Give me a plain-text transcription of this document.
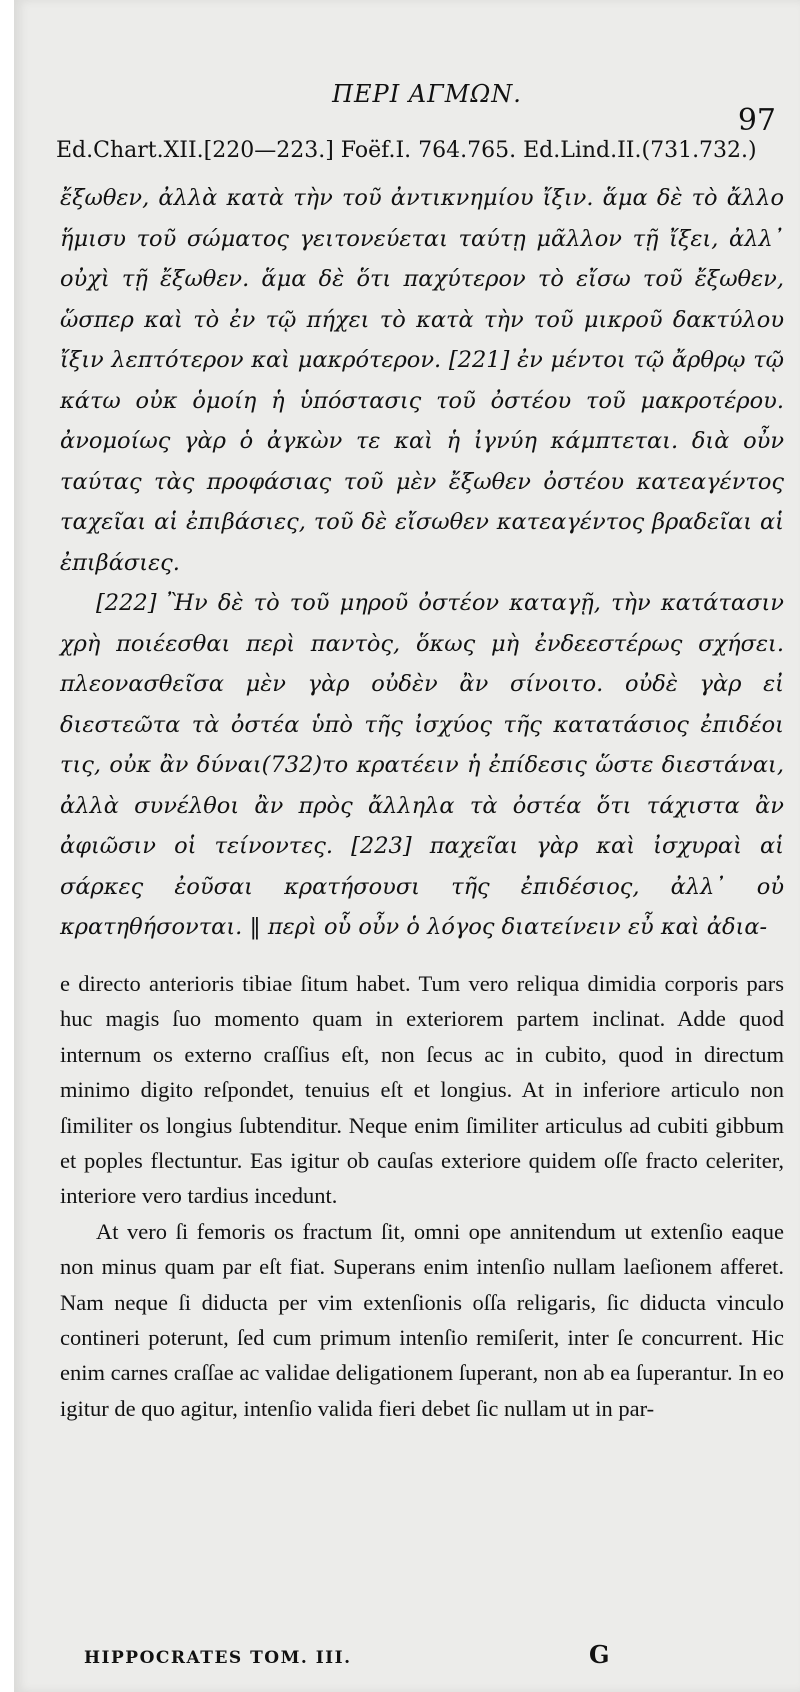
ΠΕΡΙ ΑΓΜΩΝ.
97
Ed.Chart.XII.[220—223.] Foëf.I. 764.765. Ed.Lind.II.(731.732.)

ἔξωθεν, ἀλλὰ κατὰ τὴν τοῦ ἀντικνημίου ἴξιν. ἅμα δὲ τὸ ἄλλο ἥμισυ τοῦ σώματος γειτονεύεται ταύτῃ μᾶλλον τῇ ἴξει, ἀλλ᾽ οὐχὶ τῇ ἔξωθεν. ἅμα δὲ ὅτι παχύτερον τὸ εἴσω τοῦ ἔξωθεν, ὥσπερ καὶ τὸ ἐν τῷ πήχει τὸ κατὰ τὴν τοῦ μικροῦ δακτύλου ἴξιν λεπτότερον καὶ μακρότερον. [221] ἐν μέντοι τῷ ἄρθρῳ τῷ κάτω οὐκ ὁμοίη ἡ ὑπόστασις τοῦ ὀστέου τοῦ μακροτέρου. ἀνομοίως γὰρ ὁ ἀγκὼν τε καὶ ἡ ἰγνύη κάμπτεται. διὰ οὖν ταύτας τὰς προφάσιας τοῦ μὲν ἔξωθεν ὀστέου κατεαγέντος ταχεῖαι αἱ ἐπιβάσιες, τοῦ δὲ εἴσωθεν κατεαγέντος βραδεῖαι αἱ ἐπιβάσιες.

[222] Ἢν δὲ τὸ τοῦ μηροῦ ὀστέον καταγῇ, τὴν κατάτασιν χρὴ ποιέεσθαι περὶ παντὸς, ὅκως μὴ ἐνδεεστέρως σχήσει. πλεονασθεῖσα μὲν γὰρ οὐδὲν ἂν σίνοιτο. οὐδὲ γὰρ εἰ διεστεῶτα τὰ ὀστέα ὑπὸ τῆς ἰσχύος τῆς κατατάσιος ἐπιδέοι τις, οὐκ ἂν δύναι(732)το κρατέειν ἡ ἐπίδεσις ὥστε διεστάναι, ἀλλὰ συνέλθοι ἂν πρὸς ἄλληλα τὰ ὀστέα ὅτι τάχιστα ἂν ἀφιῶσιν οἱ τείνοντες. [223] παχεῖαι γὰρ καὶ ἰσχυραὶ αἱ σάρκες ἐοῦσαι κρατήσουσι τῆς ἐπιδέσιος, ἀλλ᾽ οὐ κρατηθήσονται. ‖ περὶ οὗ οὖν ὁ λόγος διατείνειν εὖ καὶ ἀδια-

e directo anterioris tibiae ſitum habet. Tum vero reliqua dimidia corporis pars huc magis ſuo momento quam in exteriorem partem inclinat. Adde quod internum os externo craſſius eſt, non ſecus ac in cubito, quod in directum minimo digito reſpondet, tenuius eſt et longius. At in inferiore articulo non ſimiliter os longius ſubtenditur. Neque enim ſimiliter articulus ad cubiti gibbum et poples flectuntur. Eas igitur ob cauſas exteriore quidem oſſe fracto celeriter, interiore vero tardius incedunt.

At vero ſi femoris os fractum ſit, omni ope annitendum ut extenſio eaque non minus quam par eſt fiat. Superans enim intenſio nullam laeſionem afferet. Nam neque ſi diducta per vim extenſionis oſſa religaris, ſic diducta vinculo contineri poterunt, ſed cum primum intenſio remiſerit, inter ſe concurrent. Hic enim carnes craſſae ac validae deligationem ſuperant, non ab ea ſuperantur. In eo igitur de quo agitur, intenſio valida fieri debet ſic nullam ut in par-

HIPPOCRATES TOM. III.	G
